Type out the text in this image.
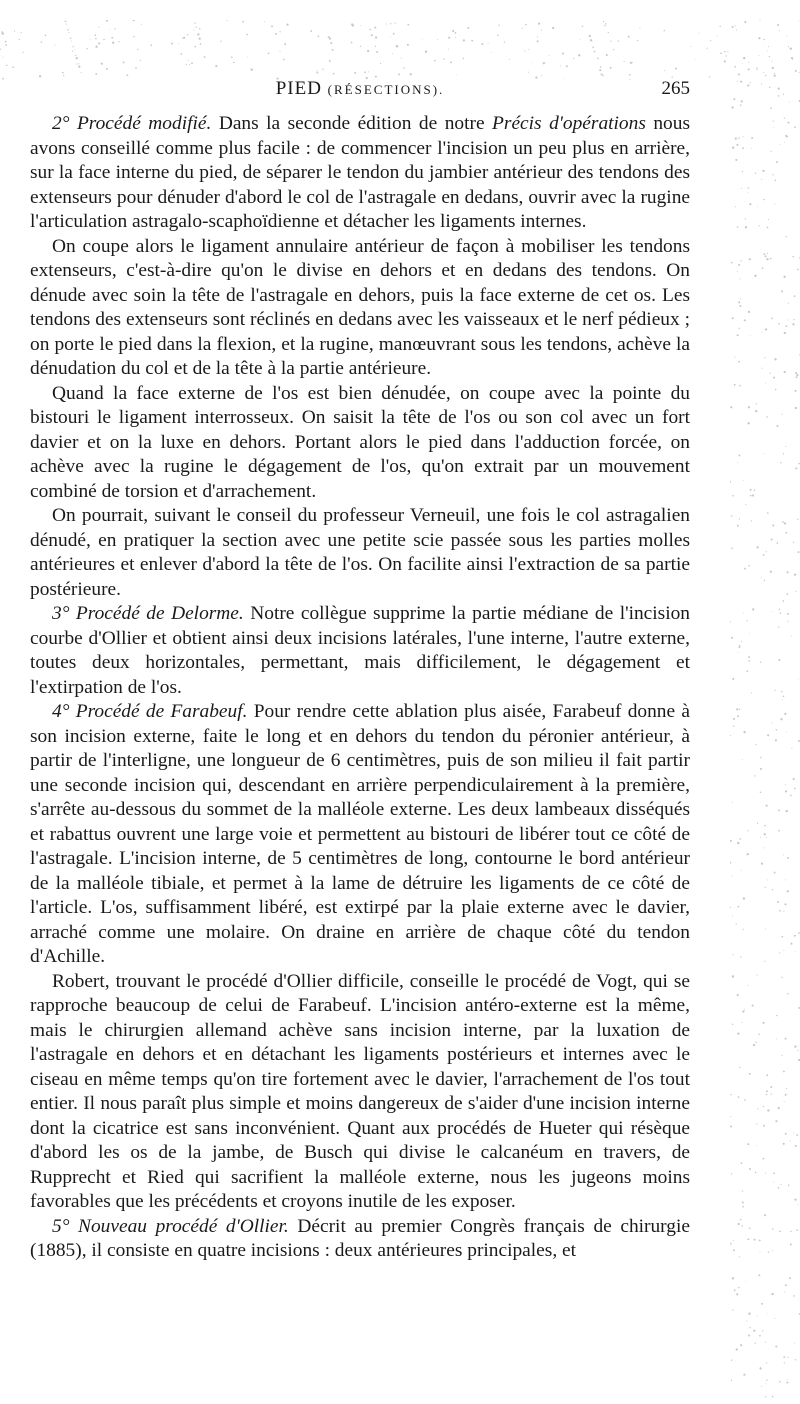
PIED (RÉSECTIONS).	265

2° Procédé modifié. Dans la seconde édition de notre Précis d'opérations nous avons conseillé comme plus facile : de commencer l'incision un peu plus en arrière, sur la face interne du pied, de séparer le tendon du jambier antérieur des tendons des extenseurs pour dénuder d'abord le col de l'astragale en dedans, ouvrir avec la rugine l'articulation astragalo-scaphoïdienne et détacher les ligaments internes.

On coupe alors le ligament annulaire antérieur de façon à mobiliser les tendons extenseurs, c'est-à-dire qu'on le divise en dehors et en dedans des tendons. On dénude avec soin la tête de l'astragale en dehors, puis la face externe de cet os. Les tendons des extenseurs sont réclinés en dedans avec les vaisseaux et le nerf pédieux ; on porte le pied dans la flexion, et la rugine, manœuvrant sous les tendons, achève la dénudation du col et de la tête à la partie antérieure.

Quand la face externe de l'os est bien dénudée, on coupe avec la pointe du bistouri le ligament interrosseux. On saisit la tête de l'os ou son col avec un fort davier et on la luxe en dehors. Portant alors le pied dans l'adduction forcée, on achève avec la rugine le dégagement de l'os, qu'on extrait par un mouvement combiné de torsion et d'arrachement.

On pourrait, suivant le conseil du professeur Verneuil, une fois le col astragalien dénudé, en pratiquer la section avec une petite scie passée sous les parties molles antérieures et enlever d'abord la tête de l'os. On facilite ainsi l'extraction de sa partie postérieure.

3° Procédé de Delorme. Notre collègue supprime la partie médiane de l'incision courbe d'Ollier et obtient ainsi deux incisions latérales, l'une interne, l'autre externe, toutes deux horizontales, permettant, mais difficilement, le dégagement et l'extirpation de l'os.

4° Procédé de Farabeuf. Pour rendre cette ablation plus aisée, Farabeuf donne à son incision externe, faite le long et en dehors du tendon du péronier antérieur, à partir de l'interligne, une longueur de 6 centimètres, puis de son milieu il fait partir une seconde incision qui, descendant en arrière perpendiculairement à la première, s'arrête au-dessous du sommet de la malléole externe. Les deux lambeaux disséqués et rabattus ouvrent une large voie et permettent au bistouri de libérer tout ce côté de l'astragale. L'incision interne, de 5 centimètres de long, contourne le bord antérieur de la malléole tibiale, et permet à la lame de détruire les ligaments de ce côté de l'article. L'os, suffisamment libéré, est extirpé par la plaie externe avec le davier, arraché comme une molaire. On draine en arrière de chaque côté du tendon d'Achille.

Robert, trouvant le procédé d'Ollier difficile, conseille le procédé de Vogt, qui se rapproche beaucoup de celui de Farabeuf. L'incision antéro-externe est la même, mais le chirurgien allemand achève sans incision interne, par la luxation de l'astragale en dehors et en détachant les ligaments postérieurs et internes avec le ciseau en même temps qu'on tire fortement avec le davier, l'arrachement de l'os tout entier. Il nous paraît plus simple et moins dangereux de s'aider d'une incision interne dont la cicatrice est sans inconvénient. Quant aux procédés de Hueter qui résèque d'abord les os de la jambe, de Busch qui divise le calcanéum en travers, de Rupprecht et Ried qui sacrifient la malléole externe, nous les jugeons moins favorables que les précédents et croyons inutile de les exposer.

5° Nouveau procédé d'Ollier. Décrit au premier Congrès français de chirurgie (1885), il consiste en quatre incisions : deux antérieures principales, et
